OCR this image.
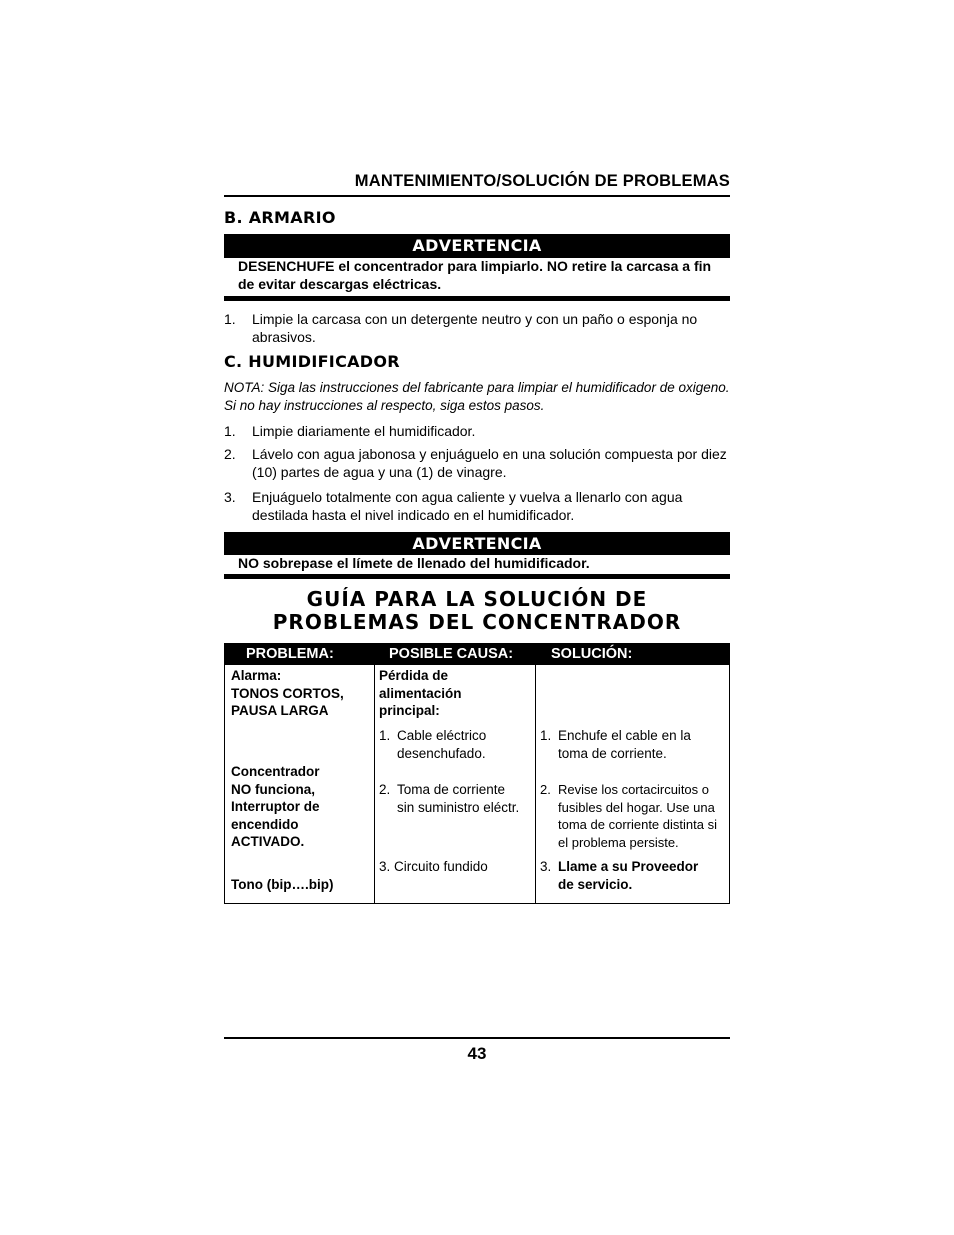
MANTENIMIENTO/SOLUCIÓN DE PROBLEMAS
B. ARMARIO
ADVERTENCIA
DESENCHUFE el concentrador para limpiarlo. NO retire la carcasa a fin de evitar descargas eléctricas.
1. Limpie la carcasa con un detergente neutro y con un paño o esponja no abrasivos.
C. HUMIDIFICADOR
NOTA: Siga las instrucciones del fabricante para limpiar el humidificador de oxigeno. Si no hay instrucciones al respecto, siga estos pasos.
1. Limpie diariamente el humidificador.
2. Lávelo con agua jabonosa y enjuáguelo en una solución compuesta por diez (10) partes de agua y una (1) de vinagre.
3. Enjuáguelo totalmente con agua caliente y vuelva a llenarlo con agua destilada hasta el nivel indicado en el humidificador.
ADVERTENCIA
NO sobrepase el límete de llenado del humidificador.
GUÍA PARA LA SOLUCIÓN DE
PROBLEMAS DEL CONCENTRADOR
PROBLEMA:	POSIBLE CAUSA:	SOLUCIÓN:
Alarma:
TONOS CORTOS,
PAUSA LARGA
Concentrador
NO funciona,
Interruptor de
encendido
ACTIVADO.
Tono (bip….bip)
Pérdida de
alimentación
principal:
1. Cable eléctrico
desenchufado.
2. Toma de corriente
sin suministro eléctr.
3. Circuito fundido
1. Enchufe el cable en la
toma de corriente.
2. Revise los cortacircuitos o
fusibles del hogar. Use una
toma de corriente distinta si
el problema persiste.
3. Llame a su Proveedor
de servicio.
43
